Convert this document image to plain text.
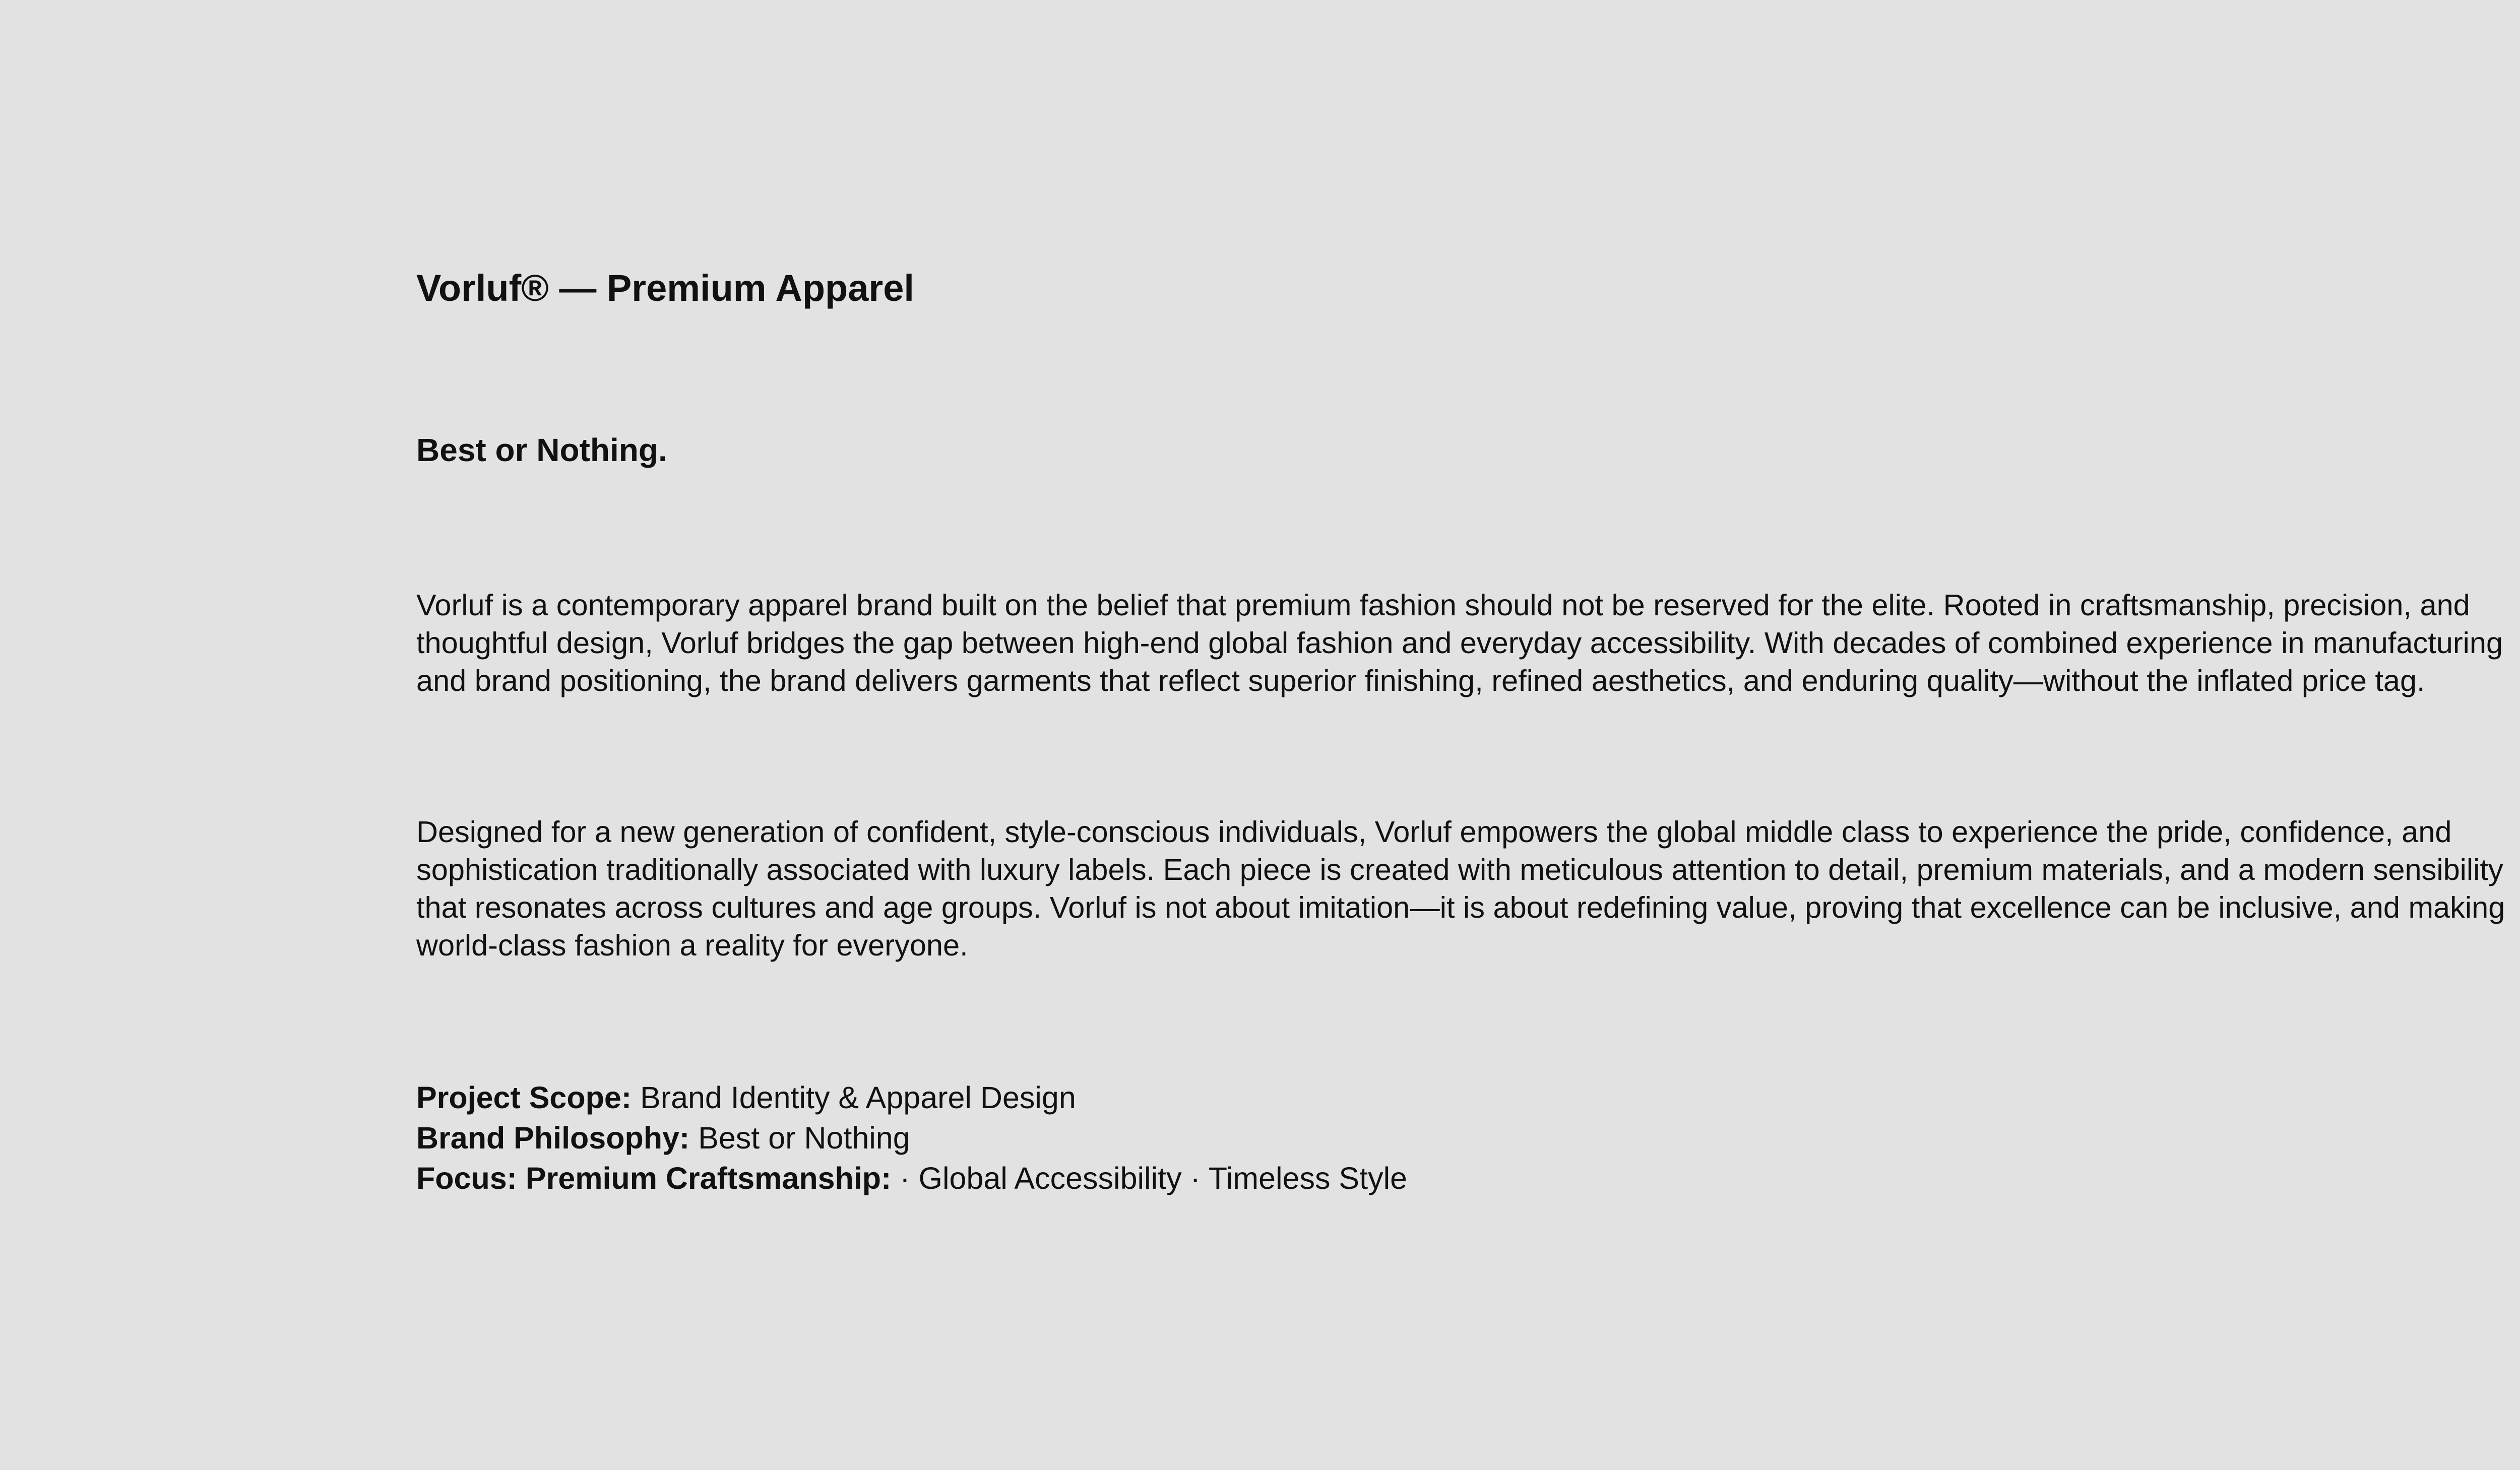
Vorluf® — Premium Apparel
Best or Nothing.

Vorluf is a contemporary apparel brand built on the belief that premium fashion should not be reserved for the elite. Rooted in craftsmanship, precision, and thoughtful design, Vorluf bridges the gap between high-end global fashion and everyday accessibility. With decades of combined experience in manufacturing and brand positioning, the brand delivers garments that reflect superior finishing, refined aesthetics, and enduring quality—without the inflated price tag.

Designed for a new generation of confident, style-conscious individuals, Vorluf empowers the global middle class to experience the pride, confidence, and sophistication traditionally associated with luxury labels. Each piece is created with meticulous attention to detail, premium materials, and a modern sensibility that resonates across cultures and age groups. Vorluf is not about imitation—it is about redefining value, proving that excellence can be inclusive, and making world-class fashion a reality for everyone.

Project Scope: Brand Identity & Apparel Design
Brand Philosophy: Best or Nothing
Focus: Premium Craftsmanship: · Global Accessibility · Timeless Style
